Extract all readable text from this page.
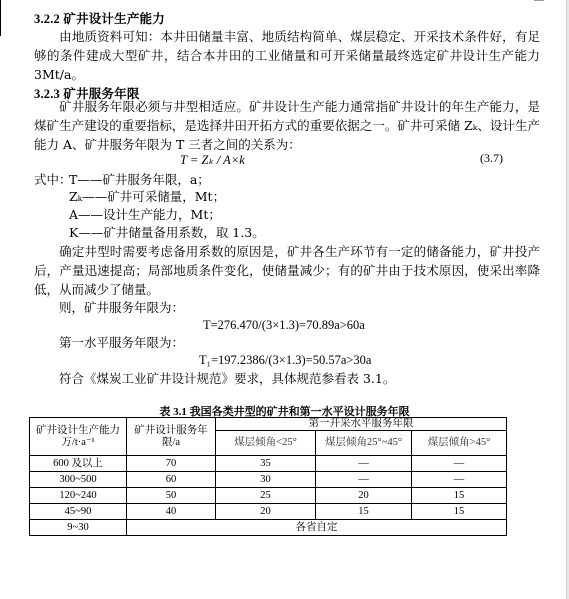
3.2.2 矿井设计生产能力
由地质资料可知：本井田储量丰富、地质结构简单、煤层稳定、开采技术条件好，有足够的条件建成大型矿井，结合本井田的工业储量和可开采储量最终选定矿井设计生产能力 3Mt/a。
3.2.3 矿井服务年限
矿井服务年限必须与井型相适应。矿井设计生产能力通常指矿井设计的年生产能力，是煤矿生产建设的重要指标，是选择井田开拓方式的重要依据之一。矿井可采储 Zₖ、设计生产能力 A、矿井服务年限为 T 三者之间的关系为：
T = Zₖ / A×k	(3.7)
式中：
T——矿井服务年限，a；
Zₖ——矿井可采储量，Mt；
A——设计生产能力，Mt；
K——矿井储量备用系数，取 1.3。
确定井型时需要考虑备用系数的原因是，矿井各生产环节有一定的储备能力，矿井投产后，产量迅速提高；局部地质条件变化，使储量减少；有的矿井由于技术原因，使采出率降低，从而减少了储量。
则，矿井服务年限为：
T=276.470/(3×1.3)=70.89a>60a
第一水平服务年限为：
T₁=197.2386/(3×1.3)=50.57a>30a
符合《煤炭工业矿井设计规范》要求，具体规范参看表 3.1。
表 3.1 我国各类井型的矿井和第一水平设计服务年限
矿井设计生产能力万/t·a⁻¹	矿井设计服务年限/a	第一开采水平服务年限		
		煤层倾角<25°	煤层倾角25°~45°	煤层倾角>45°
600 及以上	70	35	—	—
300~500	60	30	—	—
120~240	50	25	20	15
45~90	40	20	15	15
9~30	各省自定			
